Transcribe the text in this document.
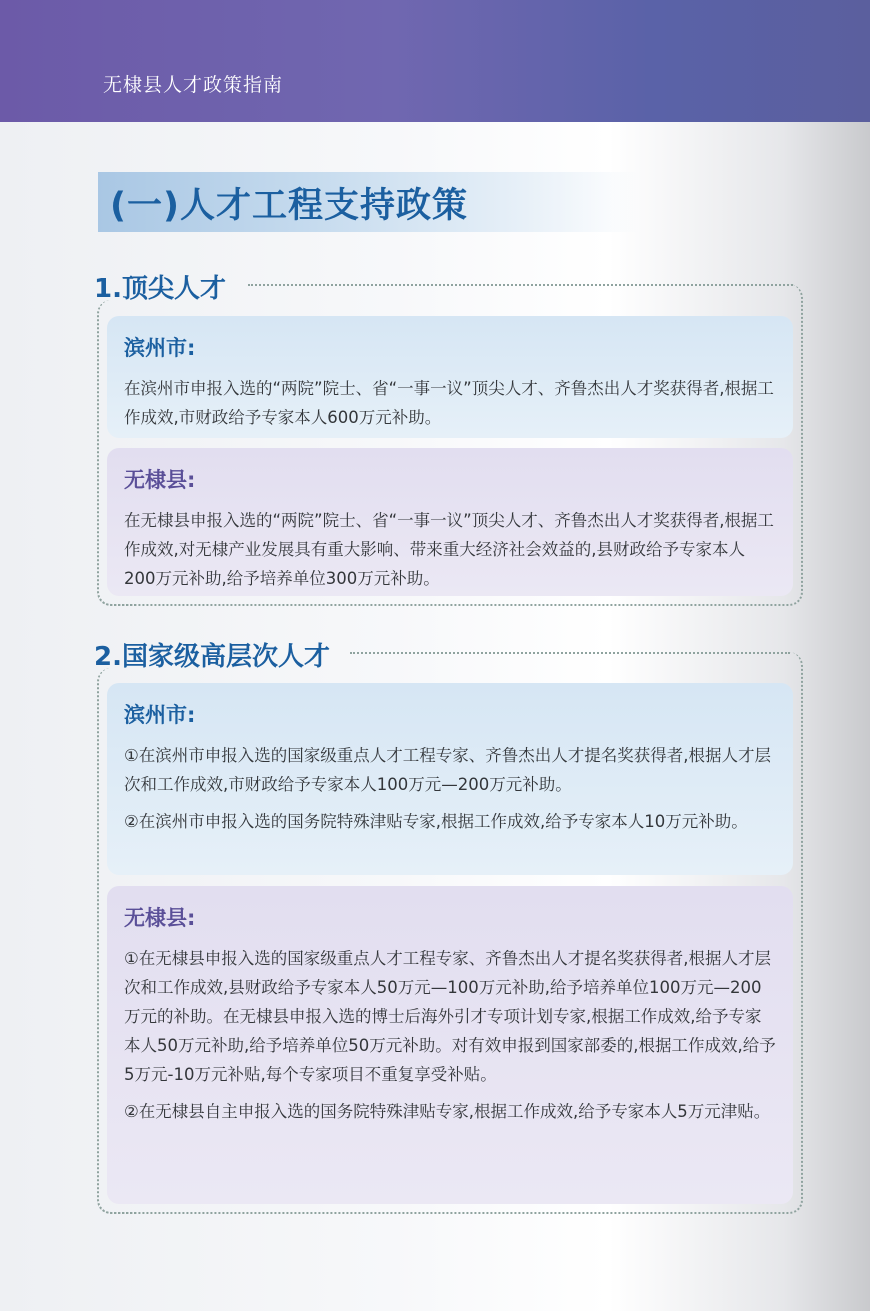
无棣县人才政策指南
(一)人才工程支持政策
1.顶尖人才
滨州市:

在滨州市申报入选的“两院”院士、省“一事一议”顶尖人才、齐鲁杰出人才奖获得者,根据工作成效,市财政给予专家本人600万元补助。

无棣县:

在无棣县申报入选的“两院”院士、省“一事一议”顶尖人才、齐鲁杰出人才奖获得者,根据工作成效,对无棣产业发展具有重大影响、带来重大经济社会效益的,县财政给予专家本人200万元补助,给予培养单位300万元补助。

2.国家级高层次人才
滨州市:

①在滨州市申报入选的国家级重点人才工程专家、齐鲁杰出人才提名奖获得者,根据人才层次和工作成效,市财政给予专家本人100万元—200万元补助。

②在滨州市申报入选的国务院特殊津贴专家,根据工作成效,给予专家本人10万元补助。

无棣县:

①在无棣县申报入选的国家级重点人才工程专家、齐鲁杰出人才提名奖获得者,根据人才层次和工作成效,县财政给予专家本人50万元—100万元补助,给予培养单位100万元—200万元的补助。在无棣县申报入选的博士后海外引才专项计划专家,根据工作成效,给予专家本人50万元补助,给予培养单位50万元补助。对有效申报到国家部委的,根据工作成效,给予5万元-10万元补贴,每个专家项目不重复享受补贴。

②在无棣县自主申报入选的国务院特殊津贴专家,根据工作成效,给予专家本人5万元津贴。
